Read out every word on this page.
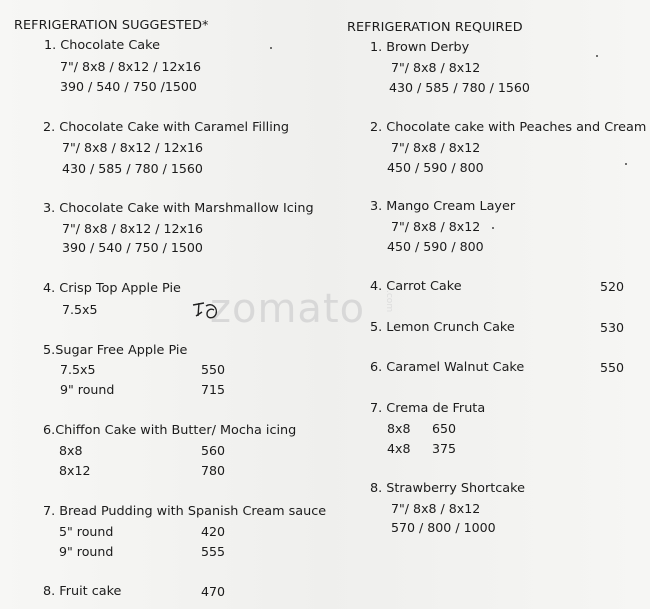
zomato .com
REFRIGERATION SUGGESTED*
1. Chocolate Cake
7"/ 8x8 / 8x12 / 12x16
390 / 540 / 750 /1500
2. Chocolate Cake with Caramel Filling
7"/ 8x8 / 8x12 / 12x16
430 / 585 / 780 / 1560
3. Chocolate Cake with Marshmallow Icing
7"/ 8x8 / 8x12 / 12x16
390 / 540 / 750 / 1500
4. Crisp Top Apple Pie
7.5x5
5.Sugar Free Apple Pie
7.5x5	550
9" round	715
6.Chiffon Cake with Butter/ Mocha icing
8x8	560
8x12	780
7. Bread Pudding with Spanish Cream sauce
5" round	420
9" round	555
8. Fruit cake	470
REFRIGERATION REQUIRED
1. Brown Derby
7"/ 8x8 / 8x12
430 / 585 / 780 / 1560
2. Chocolate cake with Peaches and Cream
7"/ 8x8 / 8x12
450 / 590 / 800
3. Mango Cream Layer
7"/ 8x8 / 8x12
450 / 590 / 800
4. Carrot Cake	520
5. Lemon Crunch Cake	530
6. Caramel Walnut Cake	550
7. Crema de Fruta
8x8 650
4x8 375
8. Strawberry Shortcake
7"/ 8x8 / 8x12
570 / 800 / 1000
